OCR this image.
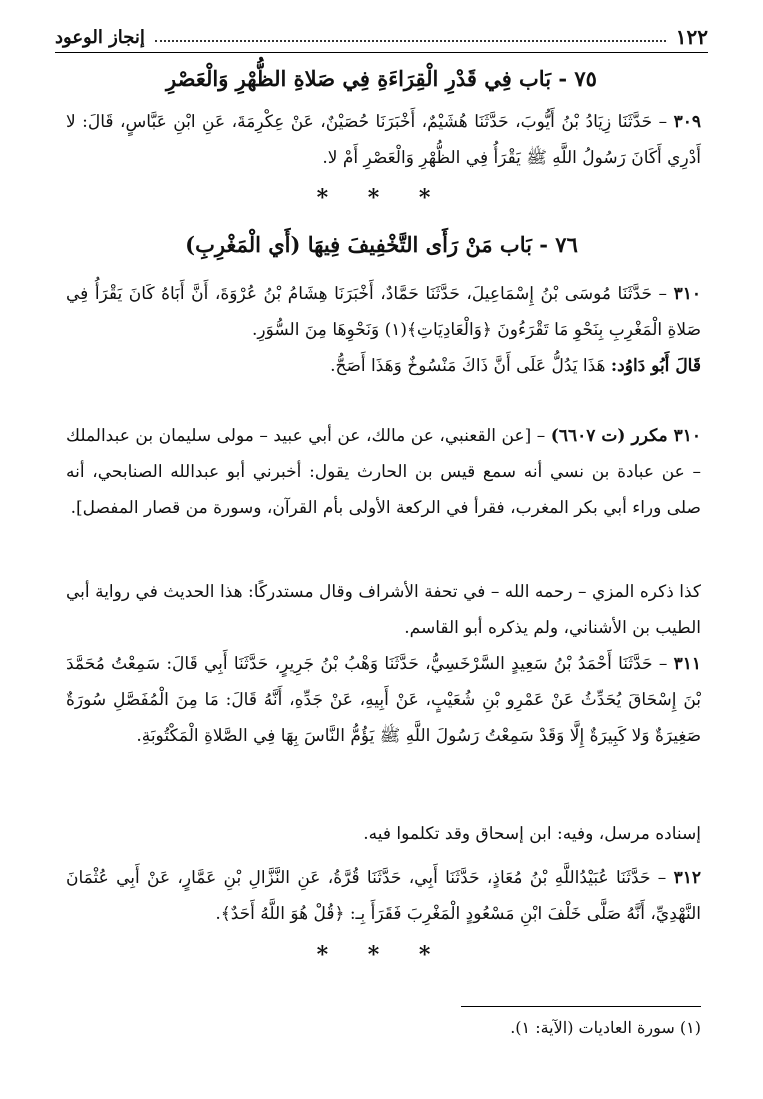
١٢٢
إنجاز الوعود
٧٥ - بَاب فِي قَدْرِ الْقِرَاءَةِ فِي صَلاةِ الظُّهْرِ وَالْعَصْرِ
٣٠٩ – حَدَّثَنَا زِيَادُ بْنُ أَيُّوبَ، حَدَّثَنَا هُشَيْمٌ، أَخْبَرَنَا حُصَيْنٌ، عَنْ عِكْرِمَةَ، عَنِ ابْنِ عَبَّاسٍ، قَالَ: لا أَدْرِي أَكَانَ رَسُولُ اللَّهِ ﷺ يَقْرَأُ فِي الظُّهْرِ وَالْعَصْرِ أَمْ لا.
* * *
٧٦ - بَاب مَنْ رَأَى التَّخْفِيفَ فِيهَا (أَي الْمَغْرِبِ)
٣١٠ – حَدَّثَنَا مُوسَى بْنُ إِسْمَاعِيلَ، حَدَّثَنَا حَمَّادٌ، أَخْبَرَنَا هِشَامُ بْنُ عُرْوَةَ، أَنَّ أَبَاهُ كَانَ يَقْرَأُ فِي صَلاةِ الْمَغْرِبِ بِنَحْوِ مَا تَقْرَءُونَ ﴿وَالْعَادِيَاتِ﴾(١) وَنَحْوِهَا مِنَ السُّوَرِ.
قَالَ أَبُو دَاوُد: هَذَا يَدُلُّ عَلَى أَنَّ ذَاكَ مَنْسُوخٌ وَهَذَا أَصَحُّ.
٣١٠ مكرر (ت ٦٦٠٧) – [عن القعنبي، عن مالك، عن أبي عبيد – مولى سليمان بن عبدالملك – عن عبادة بن نسي أنه سمع قيس بن الحارث يقول: أخبرني أبو عبدالله الصنابحي، أنه صلى وراء أبي بكر المغرب، فقرأ في الركعة الأولى بأم القرآن، وسورة من قصار المفصل].
كذا ذكره المزي – رحمه الله – في تحفة الأشراف وقال مستدركًا: هذا الحديث في رواية أبي الطيب بن الأشناني، ولم يذكره أبو القاسم.
٣١١ – حَدَّثَنَا أَحْمَدُ بْنُ سَعِيدٍ السَّرْخَسِيُّ، حَدَّثَنَا وَهْبُ بْنُ جَرِيرٍ، حَدَّثَنَا أَبِي قَالَ: سَمِعْتُ مُحَمَّدَ بْنَ إِسْحَاقَ يُحَدِّثُ عَنْ عَمْرِو بْنِ شُعَيْبٍ، عَنْ أَبِيهِ، عَنْ جَدِّهِ، أَنَّهُ قَالَ: مَا مِنَ الْمُفَصَّلِ سُورَةٌ صَغِيرَةٌ وَلا كَبِيرَةٌ إِلَّا وَقَدْ سَمِعْتُ رَسُولَ اللَّهِ ﷺ يَؤُمُّ النَّاسَ بِهَا فِي الصَّلاةِ الْمَكْتُوبَةِ.
إسناده مرسل، وفيه: ابن إسحاق وقد تكلموا فيه.
٣١٢ – حَدَّثَنَا عُبَيْدُاللَّهِ بْنُ مُعَاذٍ، حَدَّثَنَا أَبِي، حَدَّثَنَا قُرَّةُ، عَنِ النَّزَّالِ بْنِ عَمَّارٍ، عَنْ أَبِي عُثْمَانَ النَّهْدِيِّ، أَنَّهُ صَلَّى خَلْفَ ابْنِ مَسْعُودٍ الْمَغْرِبَ فَقَرَأَ بِـ: ﴿قُلْ هُوَ اللَّهُ أَحَدٌ﴾.
* * *
(١) سورة العاديات (الآية: ١).
